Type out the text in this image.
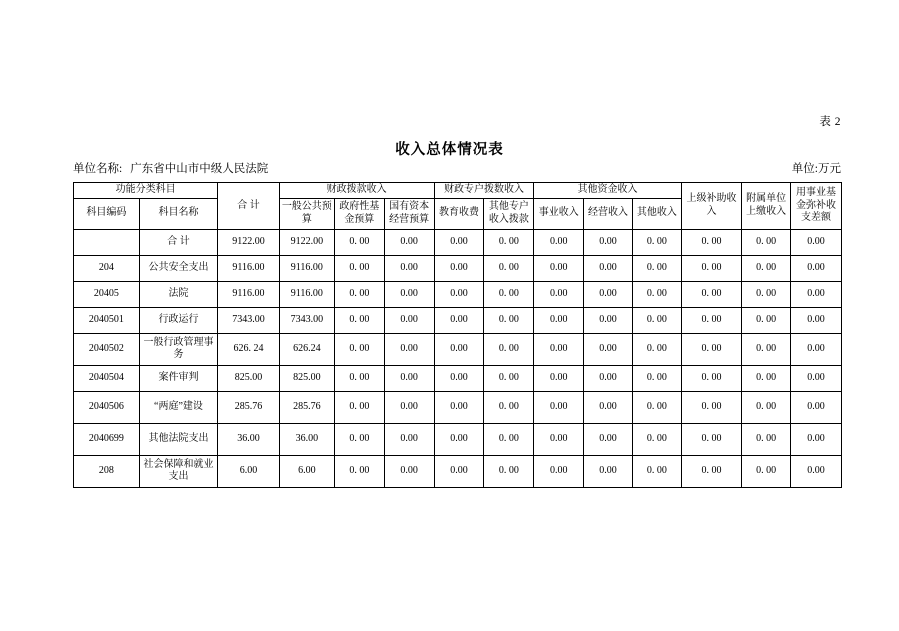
表 2
收入总体情况表
单位名称: 广东省中山市中级人民法院	单位:万元
功能分类科目		合 计	财政拨款收入			财政专户拨数收入		其他资金收入			上级补助收入	附属单位上缴收入	用事业基金弥补收支差额
			一般公共预算	政府性基金预算	国有资本经营预算	教育收费	其他专户收入拨款	事业收入	经营收入	其他收入			
科目编码	科目名称												
	合 计	9122.00	9122.00	0. 00	0.00	0.00	0. 00	0.00	0.00	0. 00	0. 00	0. 00	0.00
204	公共安全支出	9116.00	9116.00	0. 00	0.00	0.00	0. 00	0.00	0.00	0. 00	0. 00	0. 00	0.00
20405	法院	9116.00	9116.00	0. 00	0.00	0.00	0. 00	0.00	0.00	0. 00	0. 00	0. 00	0.00
2040501	行政运行	7343.00	7343.00	0. 00	0.00	0.00	0. 00	0.00	0.00	0. 00	0. 00	0. 00	0.00
2040502	一般行政管理事务	626. 24	626.24	0. 00	0.00	0.00	0. 00	0.00	0.00	0. 00	0. 00	0. 00	0.00
2040504	案件审判	825.00	825.00	0. 00	0.00	0.00	0. 00	0.00	0.00	0. 00	0. 00	0. 00	0.00
2040506	“两庭”建设	285.76	285.76	0. 00	0.00	0.00	0. 00	0.00	0.00	0. 00	0. 00	0. 00	0.00
2040699	其他法院支出	36.00	36.00	0. 00	0.00	0.00	0. 00	0.00	0.00	0. 00	0. 00	0. 00	0.00
208	社会保障和就业支出	6.00	6.00	0. 00	0.00	0.00	0. 00	0.00	0.00	0. 00	0. 00	0. 00	0.00
